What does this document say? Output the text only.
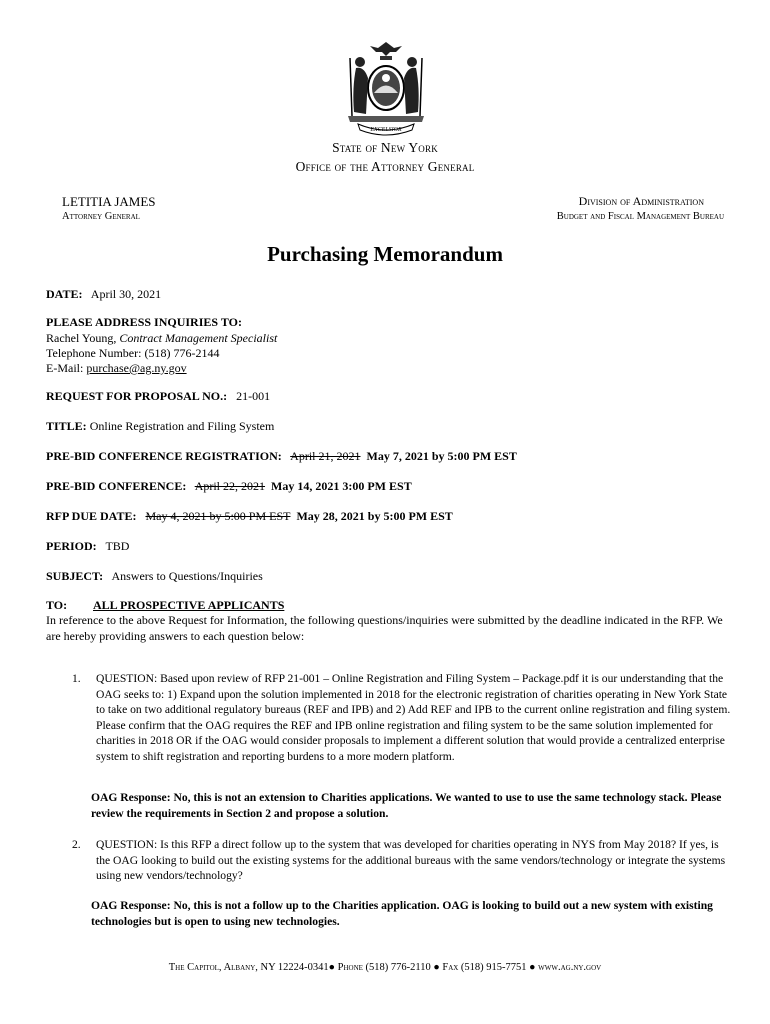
EXCELSIOR
State of New York
Office of the Attorney General
LETITIA JAMES
Attorney General
Division of Administration
Budget and Fiscal Management Bureau
Purchasing Memorandum
DATE: April 30, 2021
PLEASE ADDRESS INQUIRIES TO:
Rachel Young, Contract Management Specialist
Telephone Number: (518) 776-2144
E-Mail: purchase@ag.ny.gov
REQUEST FOR PROPOSAL NO.: 21-001
TITLE: Online Registration and Filing System
PRE-BID CONFERENCE REGISTRATION: April 21, 2021 May 7, 2021 by 5:00 PM EST
PRE-BID CONFERENCE: April 22, 2021 May 14, 2021 3:00 PM EST
RFP DUE DATE: May 4, 2021 by 5:00 PM EST May 28, 2021 by 5:00 PM EST
PERIOD: TBD
SUBJECT: Answers to Questions/Inquiries
TO: ALL PROSPECTIVE APPLICANTS
In reference to the above Request for Information, the following questions/inquiries were submitted by the deadline indicated in the RFP. We are hereby providing answers to each question below:
1. QUESTION: Based upon review of RFP 21-001 – Online Registration and Filing System – Package.pdf it is our understanding that the OAG seeks to: 1) Expand upon the solution implemented in 2018 for the electronic registration of charities operating in New York State to take on two additional regulatory bureaus (REF and IPB) and 2) Add REF and IPB to the current online registration and filing system. Please confirm that the OAG requires the REF and IPB online registration and filing system to be the same solution implemented for charities in 2018 OR if the OAG would consider proposals to implement a different solution that would provide a centralized enterprise system to shift registration and reporting burdens to a more modern platform.
OAG Response: No, this is not an extension to Charities applications. We wanted to use to use the same technology stack. Please review the requirements in Section 2 and propose a solution.
2. QUESTION: Is this RFP a direct follow up to the system that was developed for charities operating in NYS from May 2018? If yes, is the OAG looking to build out the existing systems for the additional bureaus with the same vendors/technology or integrate the systems using new vendors/technology?
OAG Response: No, this is not a follow up to the Charities application. OAG is looking to build out a new system with existing technologies but is open to using new technologies.
The Capitol, Albany, NY 12224-0341● Phone (518) 776-2110 ● Fax (518) 915-7751 ● www.ag.ny.gov
